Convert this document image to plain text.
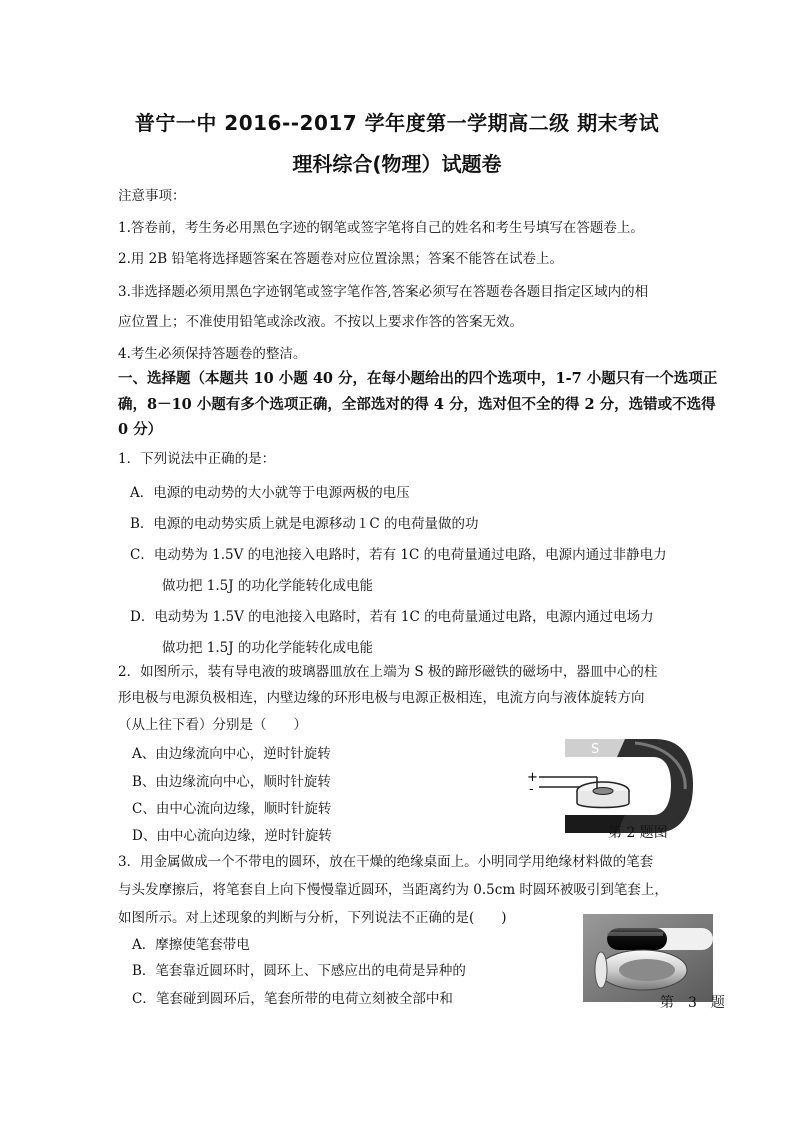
普宁一中 2016--2017 学年度第一学期高二级 期末考试
理科综合(物理）试题卷
注意事项：
1.答卷前，考生务必用黑色字迹的钢笔或签字笔将自己的姓名和考生号填写在答题卷上。
2.用 2B 铅笔将选择题答案在答题卷对应位置涂黑；答案不能答在试卷上。
3.非选择题必须用黑色字迹钢笔或签字笔作答,答案必须写在答题卷各题目指定区域内的相
应位置上；不准使用铅笔或涂改液。不按以上要求作答的答案无效。
4.考生必须保持答题卷的整洁。
一、选择题（本题共 10 小题 40 分，在每小题给出的四个选项中，1-7 小题只有一个选项正
确，8－10 小题有多个选项正确，全部选对的得 4 分，选对但不全的得 2 分，选错或不选得
0 分）
1．下列说法中正确的是：
A．电源的电动势的大小就等于电源两极的电压
B．电源的电动势实质上就是电源移动１C 的电荷量做的功
C．电动势为 1.5V 的电池接入电路时，若有 1C 的电荷量通过电路，电源内通过非静电力
做功把 1.5J 的功化学能转化成电能
D．电动势为 1.5V 的电池接入电路时，若有 1C 的电荷量通过电路，电源内通过电场力
做功把 1.5J 的功化学能转化成电能
2．如图所示，装有导电液的玻璃器皿放在上端为 S 极的蹄形磁铁的磁场中，器皿中心的柱
形电极与电源负极相连，内壁边缘的环形电极与电源正极相连，电流方向与液体旋转方向
（从上往下看）分别是（　　）
A、由边缘流向中心，逆时针旋转
B、由边缘流向中心，顺时针旋转
C、由中心流向边缘，顺时针旋转
D、由中心流向边缘，逆时针旋转
S
+
-
第 2 题图
3．用金属做成一个不带电的圆环，放在干燥的绝缘桌面上。小明同学用绝缘材料做的笔套
与头发摩擦后，将笔套自上向下慢慢靠近圆环，当距离约为 0.5cm 时圆环被吸引到笔套上，
如图所示。对上述现象的判断与分析，下列说法不正确的是(　　)
A．摩擦使笔套带电
B．笔套靠近圆环时，圆环上、下感应出的电荷是异种的
C．笔套碰到圆环后，笔套所带的电荷立刻被全部中和	第　3　题
